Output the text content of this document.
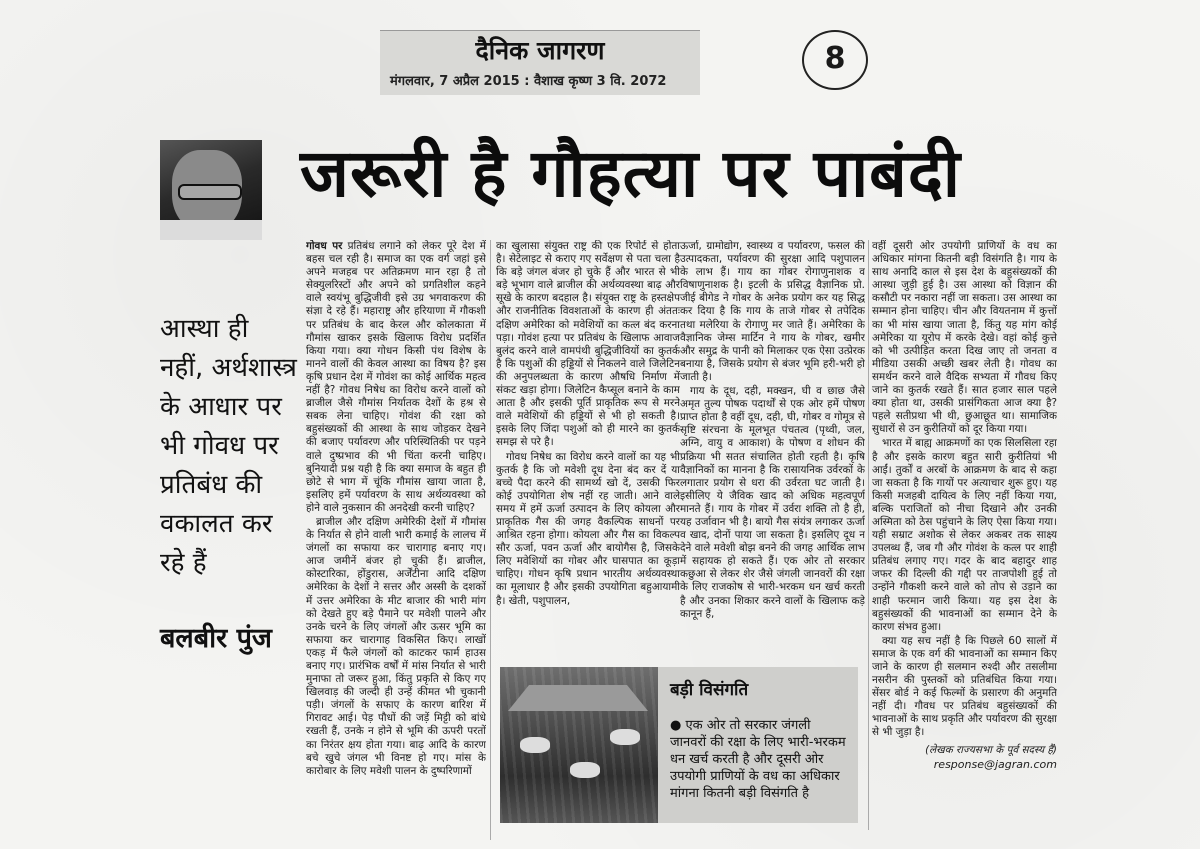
दैनिक जागरण
मंगलवार, 7 अप्रैल 2015 : वैशाख कृष्ण 3 वि. 2072
8
जरूरी है गौहत्या पर पाबंदी
आस्था ही नहीं, अर्थशास्त्र के आधार पर भी गोवध पर प्रतिबंध की वकालत कर रहे हैं
बलबीर पुंज

गोवध पर प्रतिबंध लगाने को लेकर पूरे देश में बहस चल रही है। समाज का एक वर्ग जहां इसे अपने मजहब पर अतिक्रमण मान रहा है तो सेक्युलरिस्टों और अपने को प्रगतिशील कहने वाले स्वयंभू बुद्धिजीवी इसे उग्र भगवाकरण की संज्ञा दे रहे हैं। महाराष्ट्र और हरियाणा में गौकशी पर प्रतिबंध के बाद केरल और कोलकाता में गौमांस खाकर इसके खिलाफ विरोध प्रदर्शित किया गया। क्या गोधन किसी पंथ विशेष के मानने वालों की केवल आस्था का विषय है? इस कृषि प्रधान देश में गोवंश का कोई आर्थिक महत्व नहीं है? गोवध निषेध का विरोध करने वालों को ब्राजील जैसे गौमांस निर्यातक देशों के हश्र से सबक लेना चाहिए। गोवंश की रक्षा को बहुसंख्यकों की आस्था के साथ जोड़कर देखने की बजाए पर्यावरण और परिस्थितिकी पर पड़ने वाले दुष्प्रभाव की भी चिंता करनी चाहिए। बुनियादी प्रश्न यही है कि क्या समाज के बहुत ही छोटे से भाग में चूंकि गौमांस खाया जाता है, इसलिए हमें पर्यावरण के साथ अर्थव्यवस्था को होने वाले नुकसान की अनदेखी करनी चाहिए?

ब्राजील और दक्षिण अमेरिकी देशों में गौमांस के निर्यात से होने वाली भारी कमाई के लालच में जंगलों का सफाया कर चारागाह बनाए गए। आज जमीनें बंजर हो चुकी हैं। ब्राजील, कोस्टारिका, होंडुरास, अर्जेंटीना आदि दक्षिण अमेरिका के देशों ने सत्तर और अस्सी के दशकों में उत्तर अमेरिका के मीट बाजार की भारी मांग को देखते हुए बड़े पैमाने पर मवेशी पालने और उनके चरने के लिए जंगलों और ऊसर भूमि का सफाया कर चारागाह विकसित किए। लाखों एकड़ में फैले जंगलों को काटकर फार्म हाउस बनाए गए। प्रारंभिक वर्षों में मांस निर्यात से भारी मुनाफा तो जरूर हुआ, किंतु प्रकृति से किए गए खिलवाड़ की जल्दी ही उन्हें कीमत भी चुकानी पड़ी। जंगलों के सफाए के कारण बारिश में गिरावट आई। पेड़ पौधों की जड़ें मिट्टी को बांधे रखती हैं, उनके न होने से भूमि की ऊपरी परतों का निरंतर क्षय होता गया। बाढ़ आदि के कारण बचे खुचे जंगल भी विनष्ट हो गए। मांस के कारोबार के लिए मवेशी पालन के दुष्परिणामों

का खुलासा संयुक्त राष्ट्र की एक रिपोर्ट से होता है। सेटेलाइट से कराए गए सर्वेक्षण से पता चला है कि बड़े जंगल बंजर हो चुके हैं और भारत से भी बड़े भूभाग वाले ब्राजील की अर्थव्यवस्था बाढ़ और सूखे के कारण बदहाल है। संयुक्त राष्ट्र के हस्तक्षेप और राजनीतिक विवशताओं के कारण ही अंततः दक्षिण अमेरिका को मवेशियों का कत्ल बंद करना पड़ा। गोवंश हत्या पर प्रतिबंध के खिलाफ आवाज बुलंद करने वाले वामपंथी बुद्धिजीवियों का कुतर्क है कि पशुओं की हड्डियों से निकलने वाले जिलेटिन की अनुपलब्धता के कारण औषधि निर्माण में संकट खड़ा होगा। जिलेटिन कैप्सूल बनाने के काम आता है और इसकी पूर्ति प्राकृतिक रूप से मरने वाले मवेशियों की हड्डियों से भी हो सकती है। इसके लिए जिंदा पशुओं को ही मारने का कुतर्क समझ से परे है।

गोवध निषेध का विरोध करने वालों का यह भी कुतर्क है कि जो मवेशी दूध देना बंद कर दें या बच्चे पैदा करने की सामर्थ्य खो दें, उसकी फिर कोई उपयोगिता शेष नहीं रह जाती। आने वाले समय में हमें ऊर्जा उत्पादन के लिए कोयला और प्राकृतिक गैस की जगह वैकल्पिक साधनों पर आश्रित रहना होगा। कोयला और गैस का विकल्प सौर ऊर्जा, पवन ऊर्जा और बायोगैस है, जिसके लिए मवेशियों का गोबर और घासपात का कूड़ा चाहिए। गोधन कृषि प्रधान भारतीय अर्थव्यवस्था का मूलाधार है और इसकी उपयोगिता बहुआयामी है। खेती, पशुपालन,

ऊर्जा, ग्रामोद्योग, स्वास्थ्य व पर्यावरण, फसल की उत्पादकता, पर्यावरण की सुरक्षा आदि पशुपालन के लाभ हैं। गाय का गोबर रोगाणुनाशक व विषाणुनाशक है। इटली के प्रसिद्ध वैज्ञानिक प्रो. जीई बीगेड ने गोबर के अनेक प्रयोग कर यह सिद्ध कर दिया है कि गाय के ताजे गोबर से तपेदिक तथा मलेरिया के रोगाणु मर जाते हैं। अमेरिका के वैज्ञानिक जेम्स मार्टिन ने गाय के गोबर, खमीर और समुद्र के पानी को मिलाकर एक ऐसा उत्प्रेरक बनाया है, जिसके प्रयोग से बंजर भूमि हरी-भरी हो जाती है।

गाय के दूध, दही, मक्खन, घी व छाछ जैसे अमृत तुल्य पोषक पदार्थों से एक ओर हमें पोषण प्राप्त होता है वहीं दूध, दही, घी, गोबर व गोमूत्र से सृष्टि संरचना के मूलभूत पंचतत्व (पृथ्वी, जल, अग्नि, वायु व आकाश) के पोषण व शोधन की प्रक्रिया भी सतत संचालित होती रहती है। कृषि वैज्ञानिकों का मानना है कि रासायनिक उर्वरकों के लगातार प्रयोग से धरा की उर्वरता घट जाती है। इसीलिए ये जैविक खाद को अधिक महत्वपूर्ण मानते हैं। गाय के गोबर में उर्वरा शक्ति तो है ही, यह उर्जावान भी है। बायो गैस संयंत्र लगाकर ऊर्जा व खाद, दोनों पाया जा सकता है। इसलिए दूध न देने वाले मवेशी बोझ बनने की जगह आर्थिक लाभ में सहायक हो सकते हैं। एक ओर तो सरकार कछुआ से लेकर शेर जैसे जंगली जानवरों की रक्षा के लिए राजकोष से भारी-भरकम धन खर्च करती है और उनका शिकार करने वालों के खिलाफ कड़े कानून हैं,

वहीं दूसरी ओर उपयोगी प्राणियों के वध का अधिकार मांगना कितनी बड़ी विसंगति है। गाय के साथ अनादि काल से इस देश के बहुसंख्यकों की आस्था जुड़ी हुई है। उस आस्था को विज्ञान की कसौटी पर नकारा नहीं जा सकता। उस आस्था का सम्मान होना चाहिए। चीन और वियतनाम में कुत्तों का भी मांस खाया जाता है, किंतु यह मांग कोई अमेरिका या यूरोप में करके देखे। वहां कोई कुत्ते को भी उत्पीड़ित करता दिख जाए तो जनता व मीडिया उसकी अच्छी खबर लेती है। गोवध का समर्थन करने वाले वैदिक सभ्यता में गौवध किए जाने का कुतर्क रखते हैं। सात हजार साल पहले क्या होता था, उसकी प्रासंगिकता आज क्या है? पहले सतीप्रथा भी थी, छुआछूत था। सामाजिक सुधारों से उन कुरीतियों को दूर किया गया।

भारत में बाह्य आक्रमणों का एक सिलसिला रहा है और इसके कारण बहुत सारी कुरीतियां भी आईं। तुर्कों व अरबों के आक्रमण के बाद से कहा जा सकता है कि गायों पर अत्याचार शुरू हुए। यह किसी मजहबी दायित्व के लिए नहीं किया गया, बल्कि पराजितों को नीचा दिखाने और उनकी अस्मिता को ठेस पहुंचाने के लिए ऐसा किया गया। यही सम्राट अशोक से लेकर अकबर तक साक्ष्य उपलब्ध हैं, जब गौ और गोवंश के कत्ल पर शाही प्रतिबंध लगाए गए। गदर के बाद बहादुर शाह जफर की दिल्ली की गद्दी पर ताजपोशी हुई तो उन्होंने गौकशी करने वाले को तोप से उड़ाने का शाही फरमान जारी किया। यह इस देश के बहुसंख्यकों की भावनाओं का सम्मान देने के कारण संभव हुआ।

क्या यह सच नहीं है कि पिछले 60 सालों में समाज के एक वर्ग की भावनाओं का सम्मान किए जाने के कारण ही सलमान रुश्दी और तसलीमा नसरीन की पुस्तकों को प्रतिबंधित किया गया। सेंसर बोर्ड ने कई फिल्मों के प्रसारण की अनुमति नहीं दी। गौवध पर प्रतिबंध बहुसंख्यकों की भावनाओं के साथ प्रकृति और पर्यावरण की सुरक्षा से भी जुड़ा है।

(लेखक राज्यसभा के पूर्व सदस्य हैं)

response@jagran.com

बड़ी विसंगति
● एक ओर तो सरकार जंगली जानवरों की रक्षा के लिए भारी-भरकम धन खर्च करती है और दूसरी ओर उपयोगी प्राणियों के वध का अधिकार मांगना कितनी बड़ी विसंगति है
